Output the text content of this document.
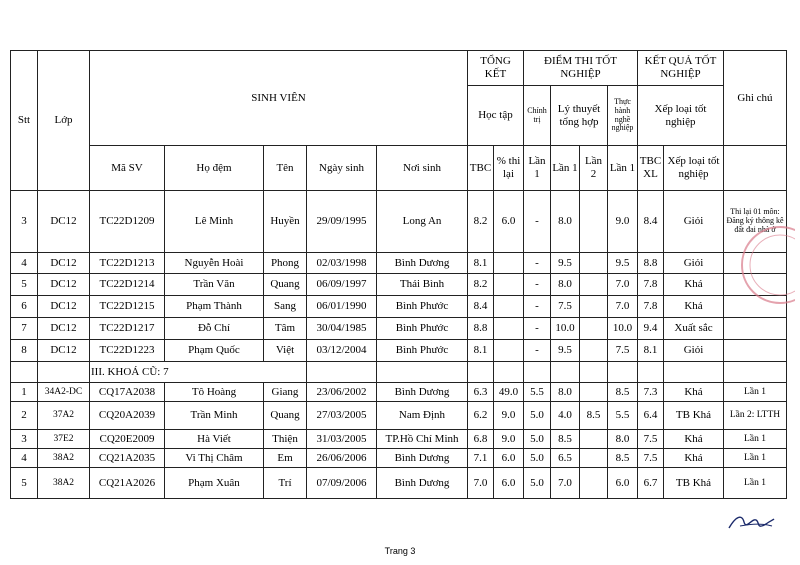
Stt	Lớp	SINH VIÊN					TỔNG KẾT		ĐIỂM THI TỐT NGHIỆP				KẾT QUẢ TỐT NGHIỆP		Ghi chú
							Học tập		Chính trị	Lý thuyết tổng hợp		Thực hành nghề nghiệp	Xếp loại tốt nghiệp		
		Mã SV	Họ đệm	Tên	Ngày sinh	Nơi sinh	TBC	% thi lại	Lần 1	Lần 1	Lần 2	Lần 1	TBC XL	Xếp loại tốt nghiệp	
3	DC12	TC22D1209	Lê Minh	Huyền	29/09/1995	Long An	8.2	6.0	-	8.0		9.0	8.4	Giỏi	Thi lại 01 môn: Đăng ký thông kê đất đai nhà ở
4	DC12	TC22D1213	Nguyễn Hoài	Phong	02/03/1998	Bình Dương	8.1		-	9.5		9.5	8.8	Giỏi	
5	DC12	TC22D1214	Trần Văn	Quang	06/09/1997	Thái Bình	8.2		-	8.0		7.0	7.8	Khá	
6	DC12	TC22D1215	Phạm Thành	Sang	06/01/1990	Bình Phước	8.4		-	7.5		7.0	7.8	Khá	
7	DC12	TC22D1217	Đỗ Chí	Tâm	30/04/1985	Bình Phước	8.8		-	10.0		10.0	9.4	Xuất sắc	
8	DC12	TC22D1223	Phạm Quốc	Việt	03/12/2004	Bình Phước	8.1		-	9.5		7.5	8.1	Giỏi	
		III. KHOÁ CŨ: 7													
1	34A2-DC	CQ17A2038	Tô Hoàng	Giang	23/06/2002	Bình Dương	6.3	49.0	5.5	8.0		8.5	7.3	Khá	Lần 1
2	37A2	CQ20A2039	Trần Minh	Quang	27/03/2005	Nam Định	6.2	9.0	5.0	4.0	8.5	5.5	6.4	TB Khá	Lần 2: LTTH
3	37E2	CQ20E2009	Hà Viết	Thiện	31/03/2005	TP.Hồ Chí Minh	6.8	9.0	5.0	8.5		8.0	7.5	Khá	Lần 1
4	38A2	CQ21A2035	Vi Thị Châm	Em	26/06/2006	Bình Dương	7.1	6.0	5.0	6.5		8.5	7.5	Khá	Lần 1
5	38A2	CQ21A2026	Phạm Xuân	Trí	07/09/2006	Bình Dương	7.0	6.0	5.0	7.0		6.0	6.7	TB Khá	Lần 1
Trang 3
